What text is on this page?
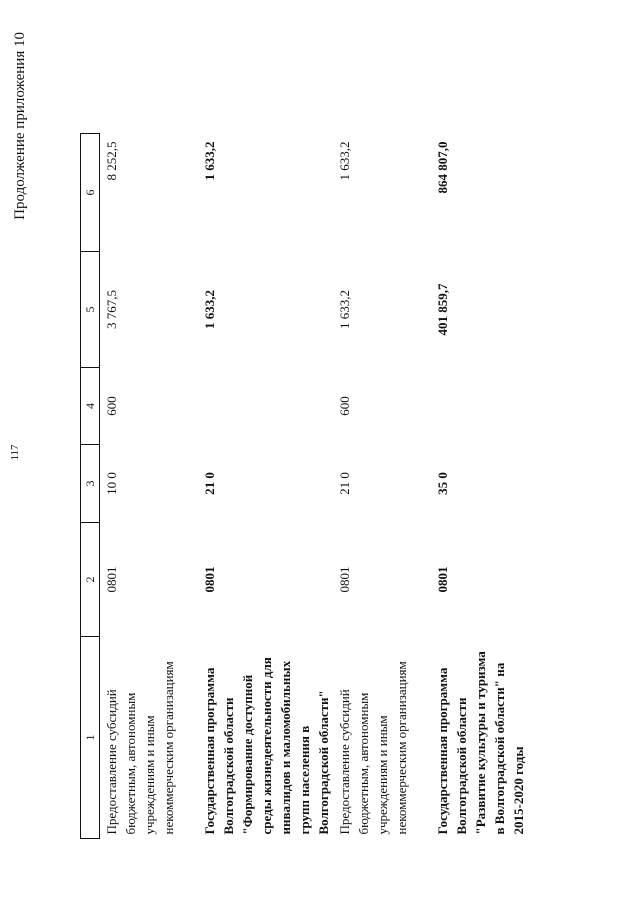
117
Продолжение приложения 10
1	2	3	4	5	6
Предоставление субсидий бюджетным, автономным учреждениям и иным некоммерческим организациям	0801	10 0	600	3 767,5	8 252,5
Государственная программа Волгоградской области "Формирование доступной среды жизнедеятельности для инвалидов и маломобильных групп населения в Волгоградской области"	0801	21 0		1 633,2	1 633,2
Предоставление субсидий бюджетным, автономным учреждениям и иным некоммерческим организациям	0801	21 0	600	1 633,2	1 633,2
Государственная программа Волгоградской области "Развитие культуры и туризма в Волгоградской области" на 2015-2020 годы	0801	35 0		401 859,7	864 807,0
